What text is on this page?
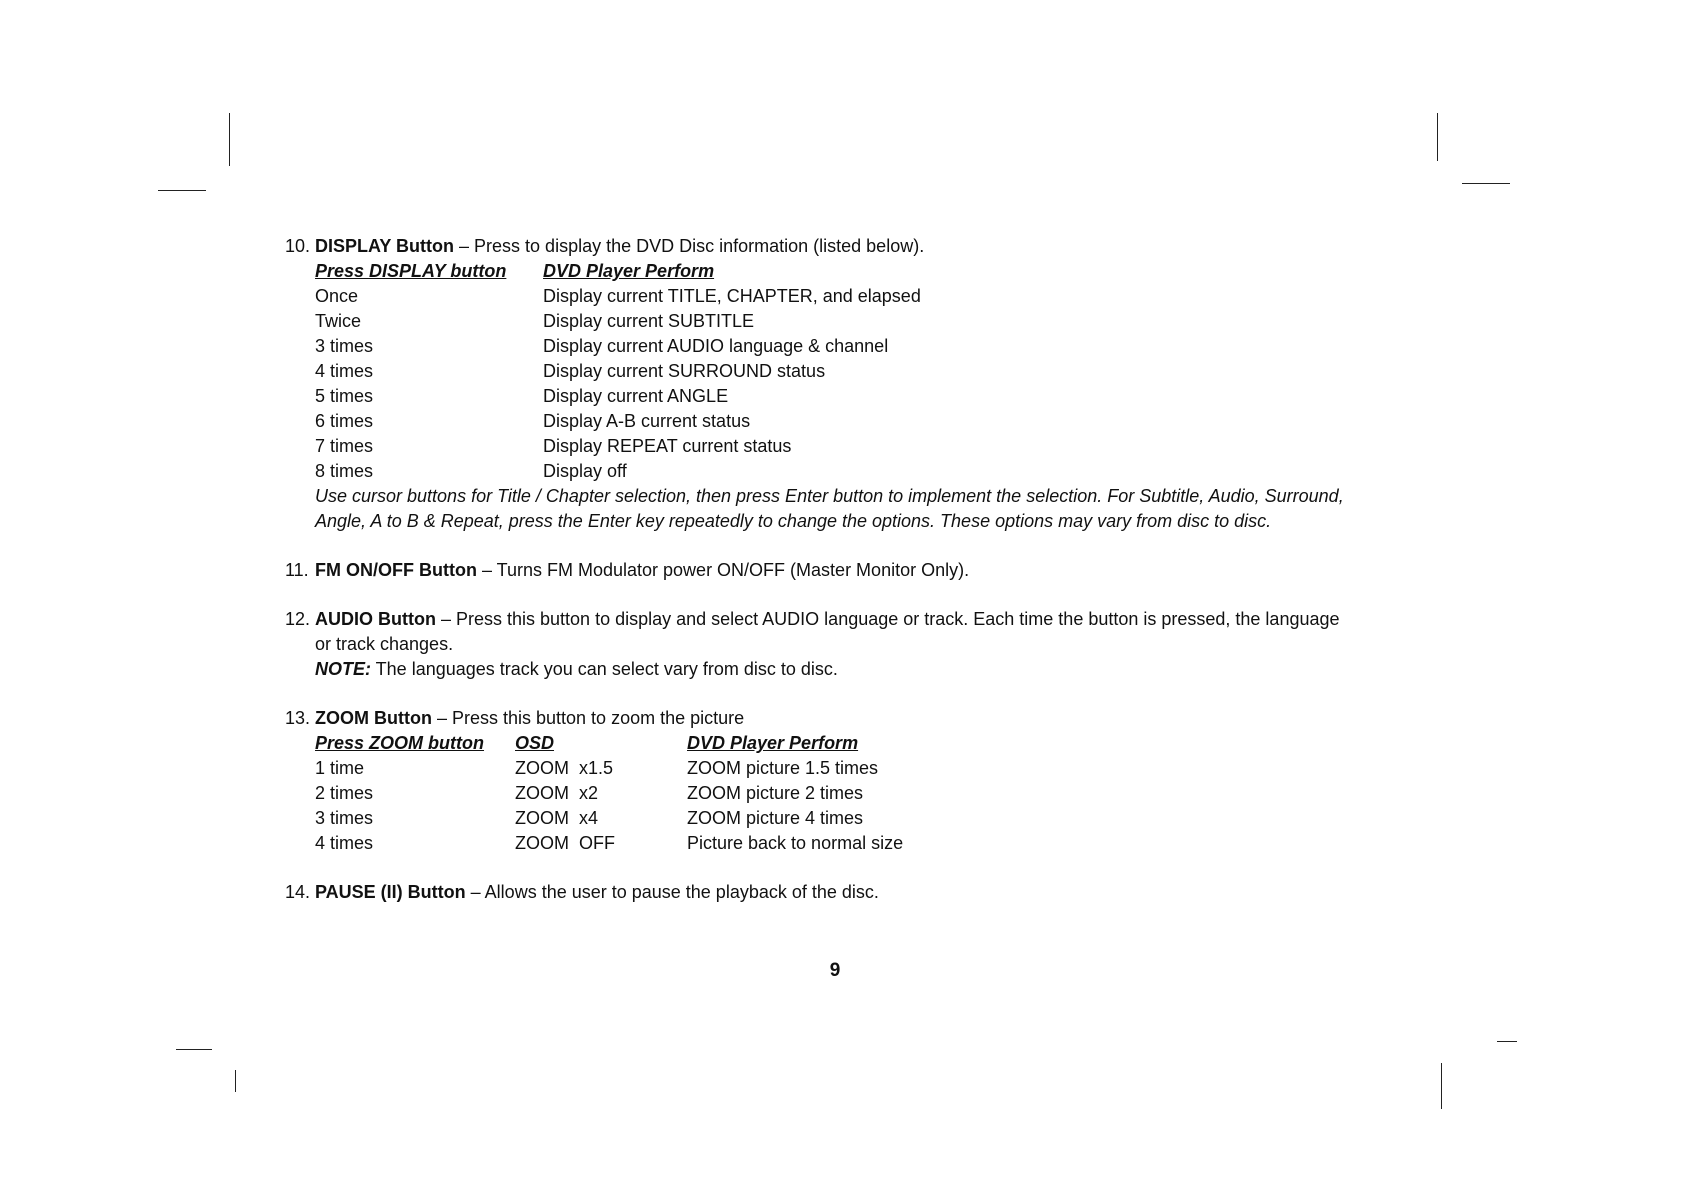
10. DISPLAY Button – Press to display the DVD Disc information (listed below).
Press DISPLAY button	DVD Player Perform
Once	Display current TITLE, CHAPTER, and elapsed
Twice	Display current SUBTITLE
3 times	Display current AUDIO language & channel
4 times	Display current SURROUND status
5 times	Display current ANGLE
6 times	Display A-B current status
7 times	Display REPEAT current status
8 times	Display off
Use cursor buttons for Title / Chapter selection, then press Enter button to implement the selection. For Subtitle, Audio, Surround,
Angle, A to B & Repeat, press the Enter key repeatedly to change the options. These options may vary from disc to disc.
11. FM ON/OFF Button – Turns FM Modulator power ON/OFF (Master Monitor Only).
12. AUDIO Button – Press this button to display and select AUDIO language or track. Each time the button is pressed, the language
or track changes.
NOTE: The languages track you can select vary from disc to disc.
13. ZOOM Button – Press this button to zoom the picture
Press ZOOM button	OSD	DVD Player Perform
1 time	ZOOM  x1.5	ZOOM picture 1.5 times
2 times	ZOOM  x2	ZOOM picture 2 times
3 times	ZOOM  x4	ZOOM picture 4 times
4 times	ZOOM  OFF	Picture back to normal size
14. PAUSE (II) Button – Allows the user to pause the playback of the disc.
9
